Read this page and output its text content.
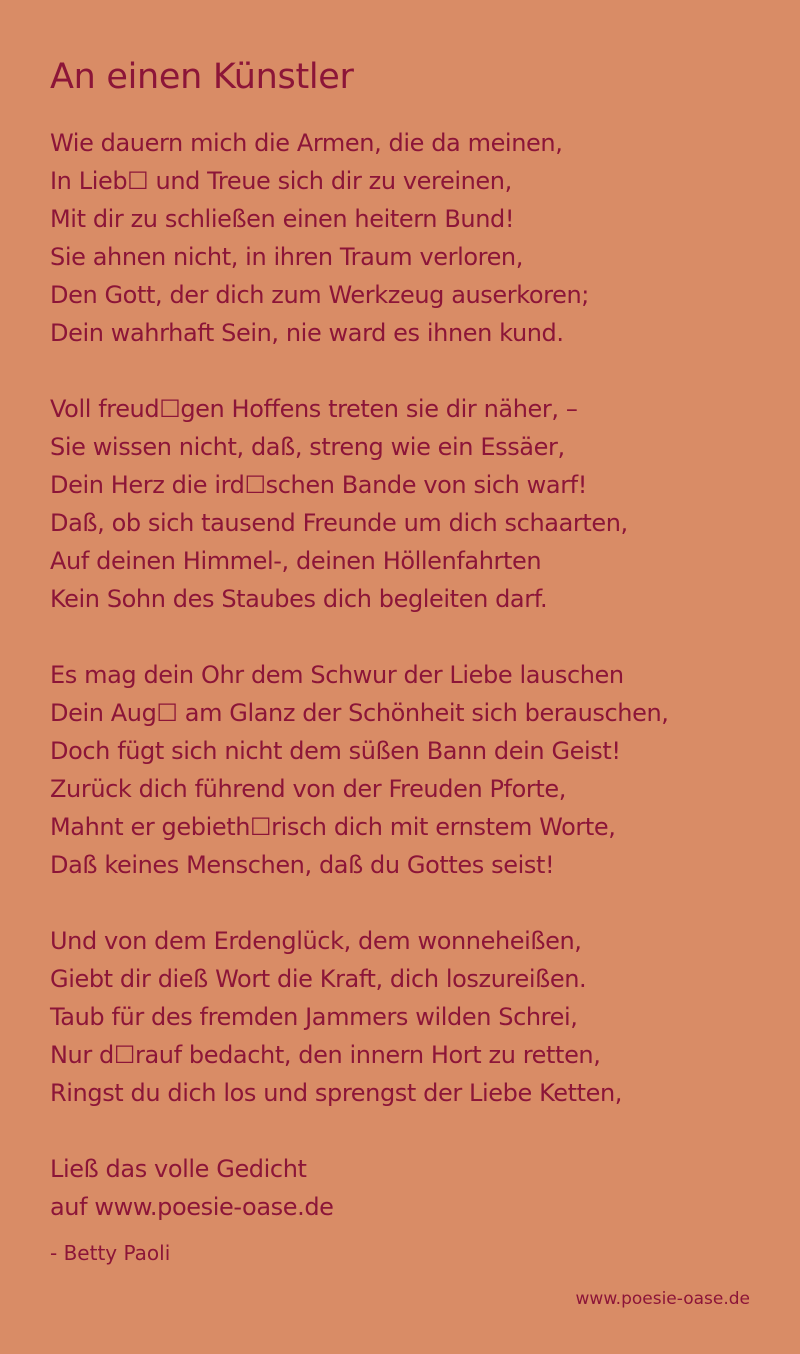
An einen Künstler
Wie dauern mich die Armen, die da meinen,
In Lieb☐ und Treue sich dir zu vereinen,
Mit dir zu schließen einen heitern Bund!
Sie ahnen nicht, in ihren Traum verloren,
Den Gott, der dich zum Werkzeug auserkoren;
Dein wahrhaft Sein, nie ward es ihnen kund.
Voll freud☐gen Hoffens treten sie dir näher, –
Sie wissen nicht, daß, streng wie ein Essäer,
Dein Herz die ird☐schen Bande von sich warf!
Daß, ob sich tausend Freunde um dich schaarten,
Auf deinen Himmel-, deinen Höllenfahrten
Kein Sohn des Staubes dich begleiten darf.
Es mag dein Ohr dem Schwur der Liebe lauschen
Dein Aug☐ am Glanz der Schönheit sich berauschen,
Doch fügt sich nicht dem süßen Bann dein Geist!
Zurück dich führend von der Freuden Pforte,
Mahnt er gebieth☐risch dich mit ernstem Worte,
Daß keines Menschen, daß du Gottes seist!
Und von dem Erdenglück, dem wonneheißen,
Giebt dir dieß Wort die Kraft, dich loszureißen.
Taub für des fremden Jammers wilden Schrei,
Nur d☐rauf bedacht, den innern Hort zu retten,
Ringst du dich los und sprengst der Liebe Ketten,
Ließ das volle Gedicht
auf www.poesie-oase.de
- Betty Paoli
www.poesie-oase.de
